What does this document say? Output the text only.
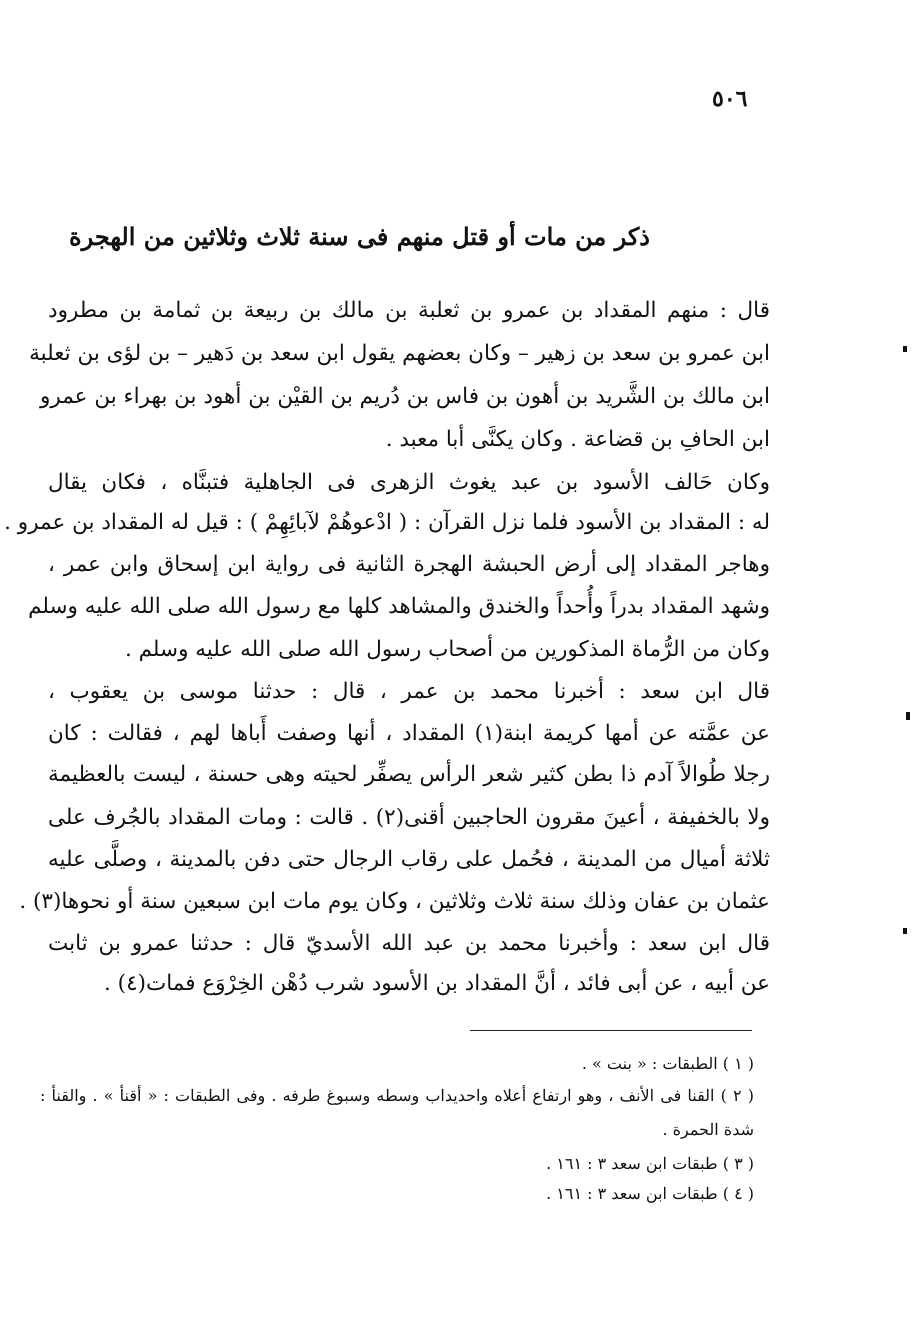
٥٠٦
ذكر من مات أو قتل منهم فى سنة ثلاث وثلاثين من الهجرة
قال : منهم المقداد بن عمرو بن ثعلبة بن مالك بن ربيعة بن ثمامة بن مطرود
ابن عمرو بن سعد بن زهير – وكان بعضهم يقول ابن سعد بن دَهير – بن لؤى بن ثعلبة
ابن مالك بن الشَّريد بن أهون بن فاس بن دُريم بن القيْن بن أهود بن بهراء بن عمرو
ابن الحافِ بن قضاعة . وكان يكنَّى أبا معبد .
وكان حَالف الأسود بن عبد يغوث الزهرى فى الجاهلية فتبنَّاه ، فكان يقال
له : المقداد بن الأسود فلما نزل القرآن : ( ادْعوهُمْ لآبائِهِمْ ) : قيل له المقداد بن عمرو .
وهاجر المقداد إلى أرض الحبشة الهجرة الثانية فى رواية ابن إسحاق وابن عمر ،
وشهد المقداد بدراً وأُحداً والخندق والمشاهد كلها مع رسول الله صلى الله عليه وسلم
وكان من الرُّماة المذكورين من أصحاب رسول الله صلى الله عليه وسلم .
قال ابن سعد : أخبرنا محمد بن عمر ، قال : حدثنا موسى بن يعقوب ،
عن عمَّته عن أمها كريمة ابنة(١) المقداد ، أنها وصفت أَباها لهم ، فقالت : كان
رجلا طُوالاً آدم ذا بطن كثير شعر الرأس يصفِّر لحيته وهى حسنة ، ليست بالعظيمة
ولا بالخفيفة ، أعينَ مقرون الحاجبين أقنى(٢) . قالت : ومات المقداد بالجُرف على
ثلاثة أميال من المدينة ، فحُمل على رقاب الرجال حتى دفن بالمدينة ، وصلَّى عليه
عثمان بن عفان وذلك سنة ثلاث وثلاثين ، وكان يوم مات ابن سبعين سنة أو نحوها(٣) .
قال ابن سعد : وأخبرنا محمد بن عبد الله الأسديّ قال : حدثنا عمرو بن ثابت
عن أبيه ، عن أبى فائد ، أنَّ المقداد بن الأسود شرب دُهْن الخِرْوَع فمات(٤) .
( ١ ) الطبقات : « بنت » .
( ٢ ) القنا فى الأنف ، وهو ارتفاع أعلاه واحديداب وسطه وسبوغ طرفه . وفى الطبقات : « أقنأ » . والقنأ :
شدة الحمرة .
( ٣ ) طبقات ابن سعد ٣ : ١٦١ .
( ٤ ) طبقات ابن سعد ٣ : ١٦١ .
